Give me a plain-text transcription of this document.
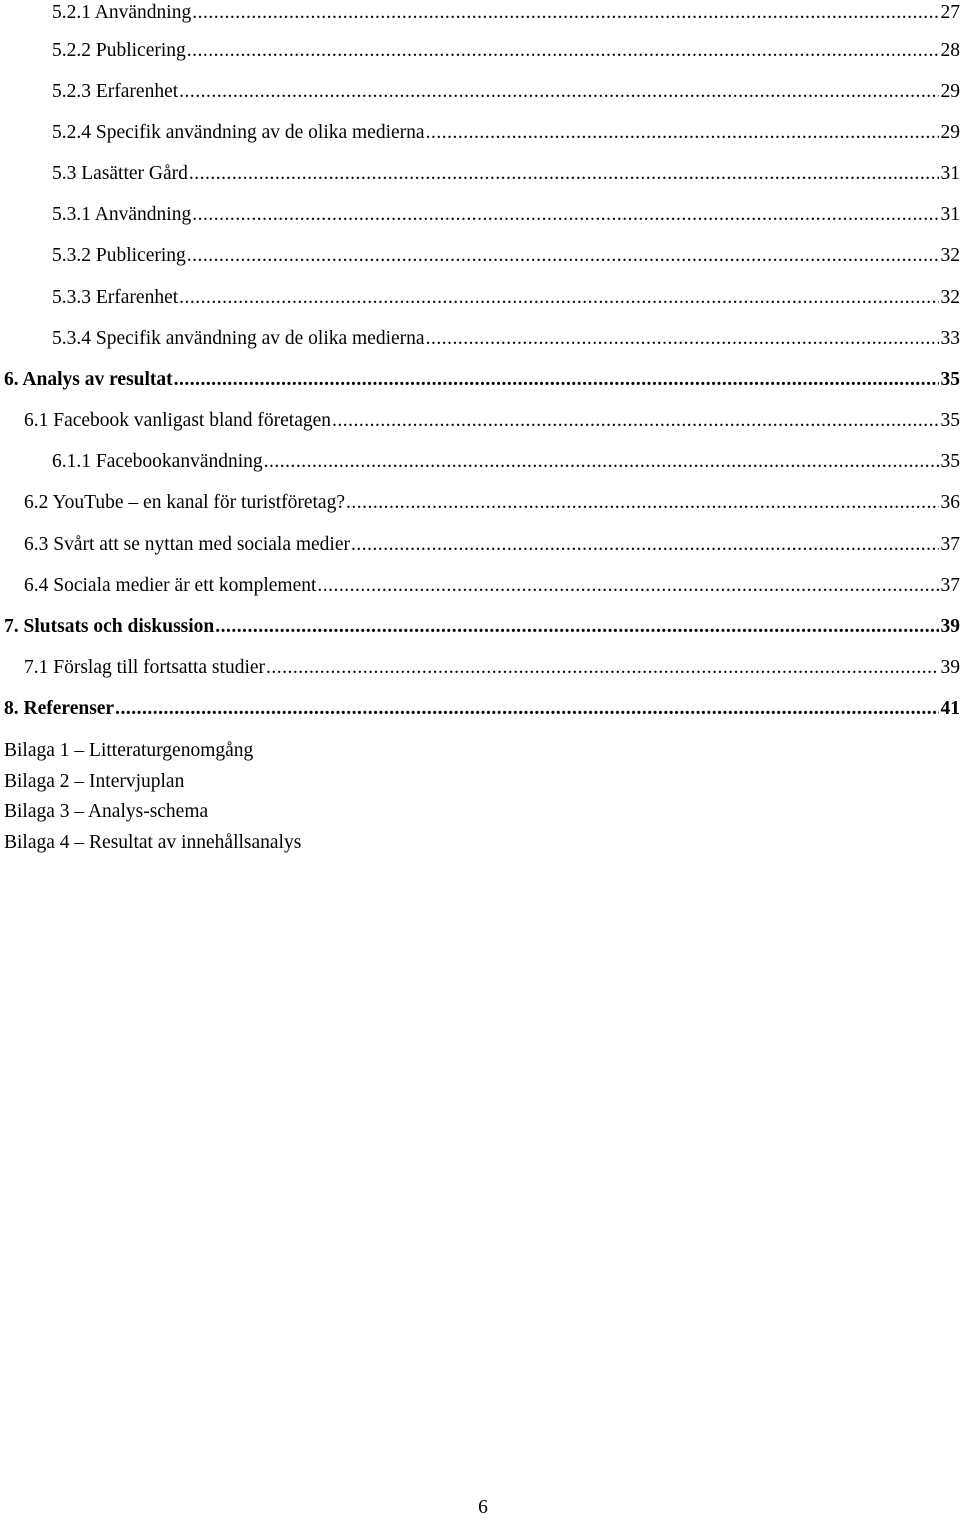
5.2.1 Användning .....	27
5.2.2 Publicering .....	28
5.2.3 Erfarenhet .....	29
5.2.4 Specifik användning av de olika medierna .....	29
5.3 Lasätter Gård .....	31
5.3.1 Användning .....	31
5.3.2 Publicering .....	32
5.3.3 Erfarenhet .....	32
5.3.4 Specifik användning av de olika medierna .....	33
6. Analys av resultat .....	35
6.1 Facebook vanligast bland företagen .....	35
6.1.1 Facebookanvändning .....	35
6.2 YouTube – en kanal för turistföretag? .....	36
6.3 Svårt att se nyttan med sociala medier .....	37
6.4 Sociala medier är ett komplement .....	37
7. Slutsats och diskussion .....	39
7.1 Förslag till fortsatta studier .....	39
8. Referenser .....	41
Bilaga 1 – Litteraturgenomgång
Bilaga 2 – Intervjuplan
Bilaga 3 – Analys-schema
Bilaga 4 – Resultat av innehållsanalys
6
